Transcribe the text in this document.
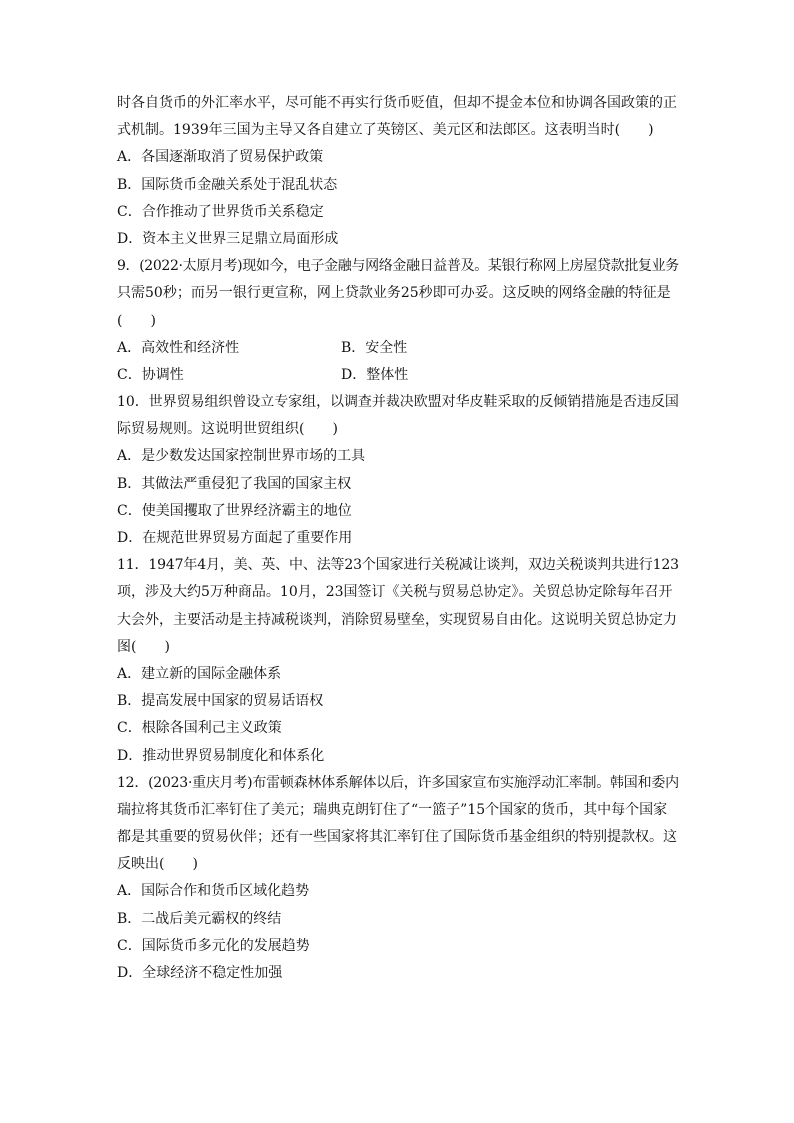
时各自货币的外汇率水平，尽可能不再实行货币贬值，但却不提金本位和协调各国政策的正
式机制。1939年三国为主导又各自建立了英镑区、美元区和法郎区。这表明当时(　　)
A．各国逐渐取消了贸易保护政策
B．国际货币金融关系处于混乱状态
C．合作推动了世界货币关系稳定
D．资本主义世界三足鼎立局面形成
9．(2022·太原月考)现如今，电子金融与网络金融日益普及。某银行称网上房屋贷款批复业务
只需50秒；而另一银行更宣称，网上贷款业务25秒即可办妥。这反映的网络金融的特征是
(　　)
A．高效性和经济性	B．安全性
C．协调性	D．整体性
10．世界贸易组织曾设立专家组，以调查并裁决欧盟对华皮鞋采取的反倾销措施是否违反国
际贸易规则。这说明世贸组织(　　)
A．是少数发达国家控制世界市场的工具
B．其做法严重侵犯了我国的国家主权
C．使美国攫取了世界经济霸主的地位
D．在规范世界贸易方面起了重要作用
11．1947年4月，美、英、中、法等23个国家进行关税减让谈判，双边关税谈判共进行123
项，涉及大约5万种商品。10月，23国签订《关税与贸易总协定》。关贸总协定除每年召开
大会外，主要活动是主持减税谈判，消除贸易壁垒，实现贸易自由化。这说明关贸总协定力
图(　　)
A．建立新的国际金融体系
B．提高发展中国家的贸易话语权
C．根除各国利己主义政策
D．推动世界贸易制度化和体系化
12．(2023·重庆月考)布雷顿森林体系解体以后，许多国家宣布实施浮动汇率制。韩国和委内
瑞拉将其货币汇率钉住了美元；瑞典克朗钉住了“一篮子”15个国家的货币，其中每个国家
都是其重要的贸易伙伴；还有一些国家将其汇率钉住了国际货币基金组织的特别提款权。这
反映出(　　)
A．国际合作和货币区域化趋势
B．二战后美元霸权的终结
C．国际货币多元化的发展趋势
D．全球经济不稳定性加强
